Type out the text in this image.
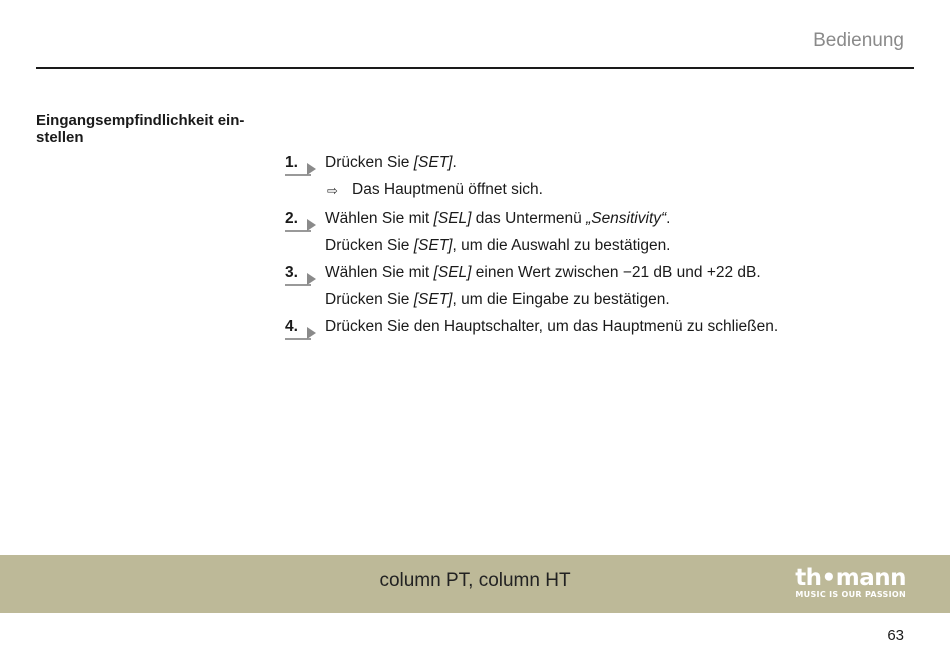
Bedienung
Eingangsempfindlichkeit ein-
stellen
1.	Drücken Sie [SET].
⇨ Das Hauptmenü öffnet sich.
2.	Wählen Sie mit [SEL] das Untermenü „Sensitivity“.
Drücken Sie [SET], um die Auswahl zu bestätigen.
3.	Wählen Sie mit [SEL] einen Wert zwischen −21 dB und +22 dB.
Drücken Sie [SET], um die Eingabe zu bestätigen.
4.	Drücken Sie den Hauptschalter, um das Hauptmenü zu schließen.
column PT, column HT	th•mann
MUSIC IS OUR PASSION
63
